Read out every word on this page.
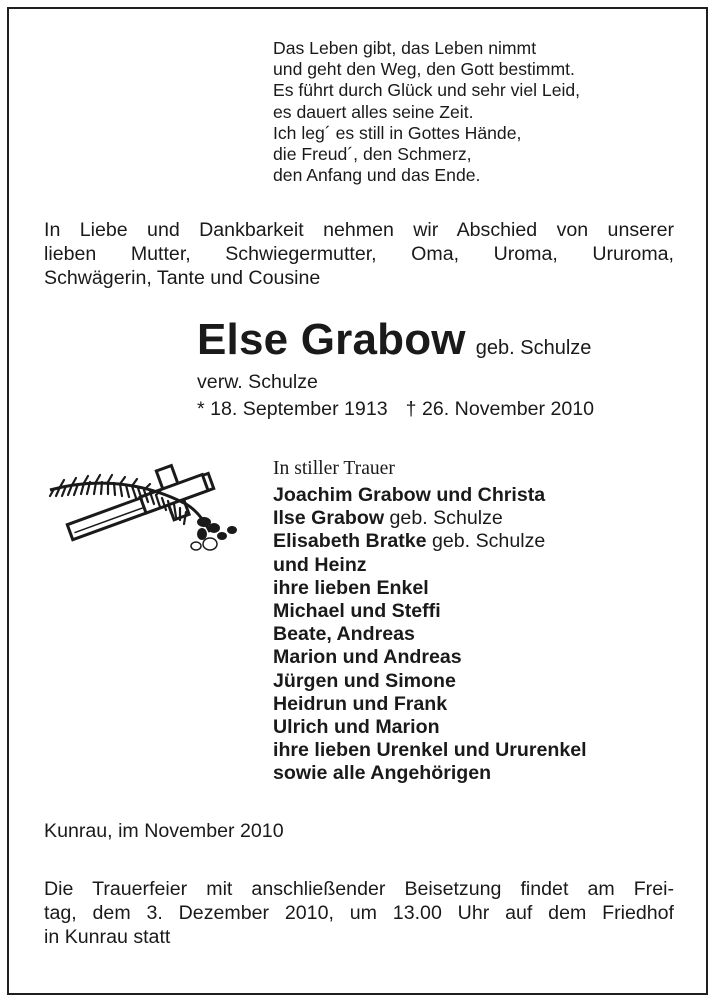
Das Leben gibt, das Leben nimmt
und geht den Weg, den Gott bestimmt.
Es führt durch Glück und sehr viel Leid,
es dauert alles seine Zeit.
Ich leg´ es still in Gottes Hände,
die Freud´, den Schmerz,
den Anfang und das Ende.
In Liebe und Dankbarkeit nehmen wir Abschied von unserer
lieben Mutter, Schwiegermutter, Oma, Uroma, Ururoma,
Schwägerin, Tante und Cousine
Else Grabow geb. Schulze
verw. Schulze
* 18. September 1913 † 26. November 2010
In stiller Trauer
Joachim Grabow und Christa
Ilse Grabow geb. Schulze
Elisabeth Bratke geb. Schulze
und Heinz
ihre lieben Enkel
Michael und Steffi
Beate, Andreas
Marion und Andreas
Jürgen und Simone
Heidrun und Frank
Ulrich und Marion
ihre lieben Urenkel und Ururenkel
sowie alle Angehörigen
Kunrau, im November 2010
Die Trauerfeier mit anschließender Beisetzung findet am Frei-
tag, dem 3. Dezember 2010, um 13.00 Uhr auf dem Friedhof
in Kunrau statt
